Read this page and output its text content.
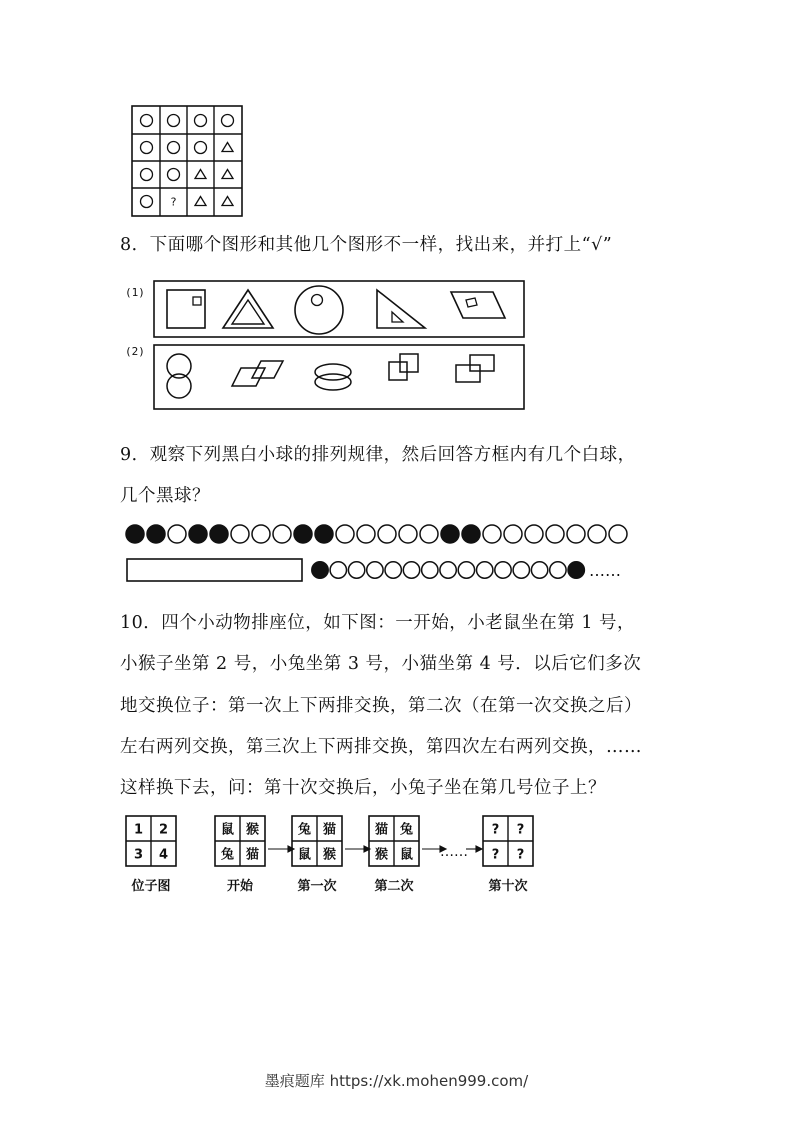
?
8．下面哪个图形和其他几个图形不一样，找出来，并打上“√”
(1)
(2)
9．观察下列黑白小球的排列规律，然后回答方框内有几个白球，
几个黑球？
……
10．四个小动物排座位，如下图：一开始，小老鼠坐在第 1 号，
小猴子坐第 2 号，小兔坐第 3 号，小猫坐第 4 号．以后它们多次
地交换位子：第一次上下两排交换，第二次（在第一次交换之后）
左右两列交换，第三次上下两排交换，第四次左右两列交换，……
这样换下去，问：第十次交换后，小兔子坐在第几号位子上？
1 2
3 4
位子图
鼠 猴
兔 猫
开始
兔 猫
鼠 猴
第一次
猫 兔
猴 鼠
第二次
? ?
? ?
第十次
……
墨痕题库 https://xk.mohen999.com/
